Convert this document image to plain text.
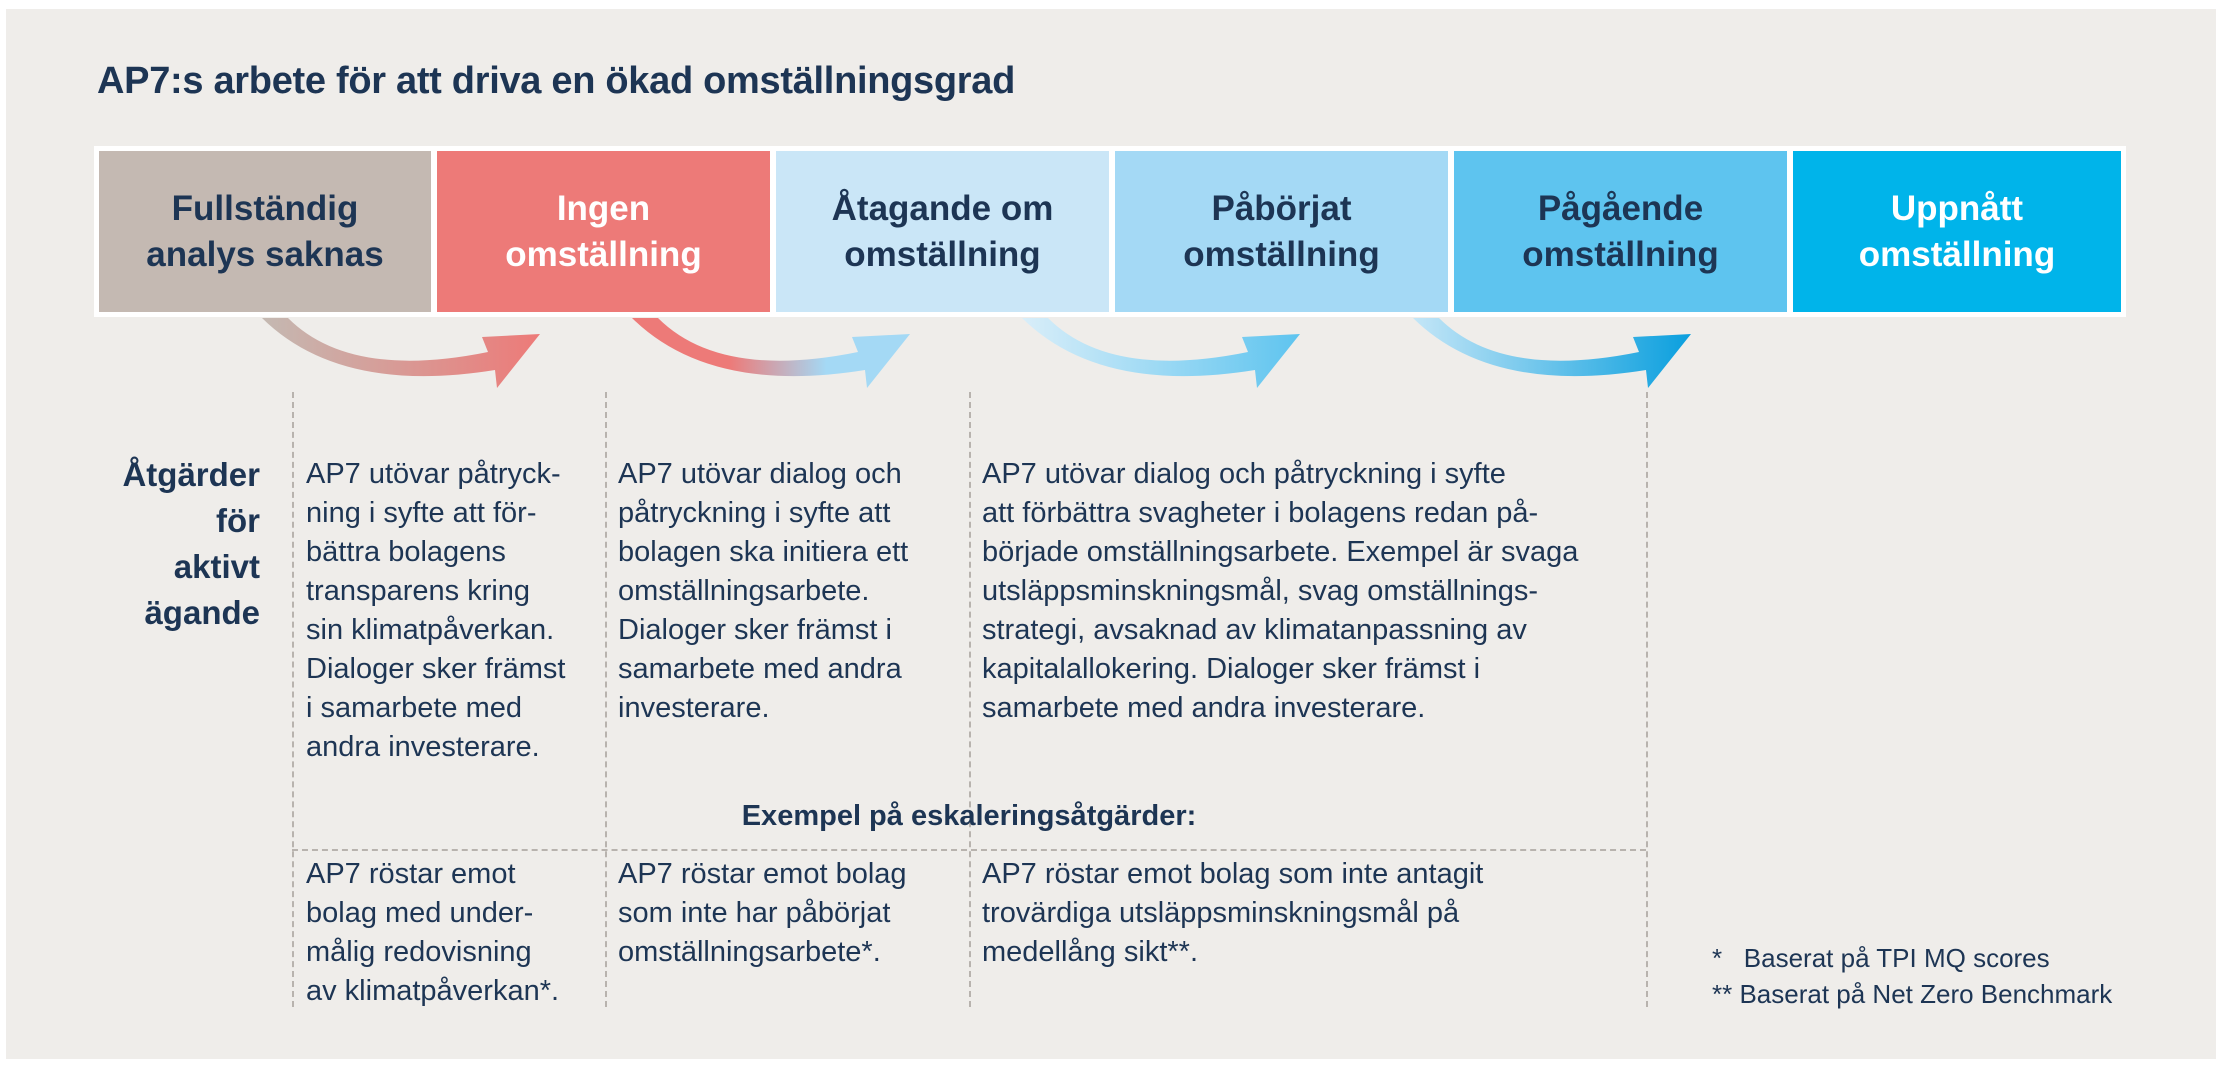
AP7:s arbete för att driva en ökad omställningsgrad
Fullständig
analys saknas
Ingen
omställning
Åtagande om
omställning
Påbörjat
omställning
Pågående
omställning
Uppnått
omställning
Åtgärder
för
aktivt
ägande
AP7 utövar påtryck-
ning i syfte att för-
bättra bolagens
transparens kring
sin klimatpåverkan.
Dialoger sker främst
i samarbete med
andra investerare.
AP7 utövar dialog och
påtryckning i syfte att
bolagen ska initiera ett
omställningsarbete.
Dialoger sker främst i
samarbete med andra
investerare.
AP7 utövar dialog och påtryckning i syfte
att förbättra svagheter i bolagens redan på-
började omställningsarbete. Exempel är svaga
utsläppsminskningsmål, svag omställnings-
strategi, avsaknad av klimatanpassning av
kapitalallokering. Dialoger sker främst i
samarbete med andra investerare.
Exempel på eskaleringsåtgärder:
AP7 röstar emot
bolag med under-
målig redovisning
av klimatpåverkan*.
AP7 röstar emot bolag
som inte har påbörjat
omställningsarbete*.
AP7 röstar emot bolag som inte antagit
trovärdiga utsläppsminskningsmål på
medellång sikt**.	*   Baserat på TPI MQ scores
** Baserat på Net Zero Benchmark
